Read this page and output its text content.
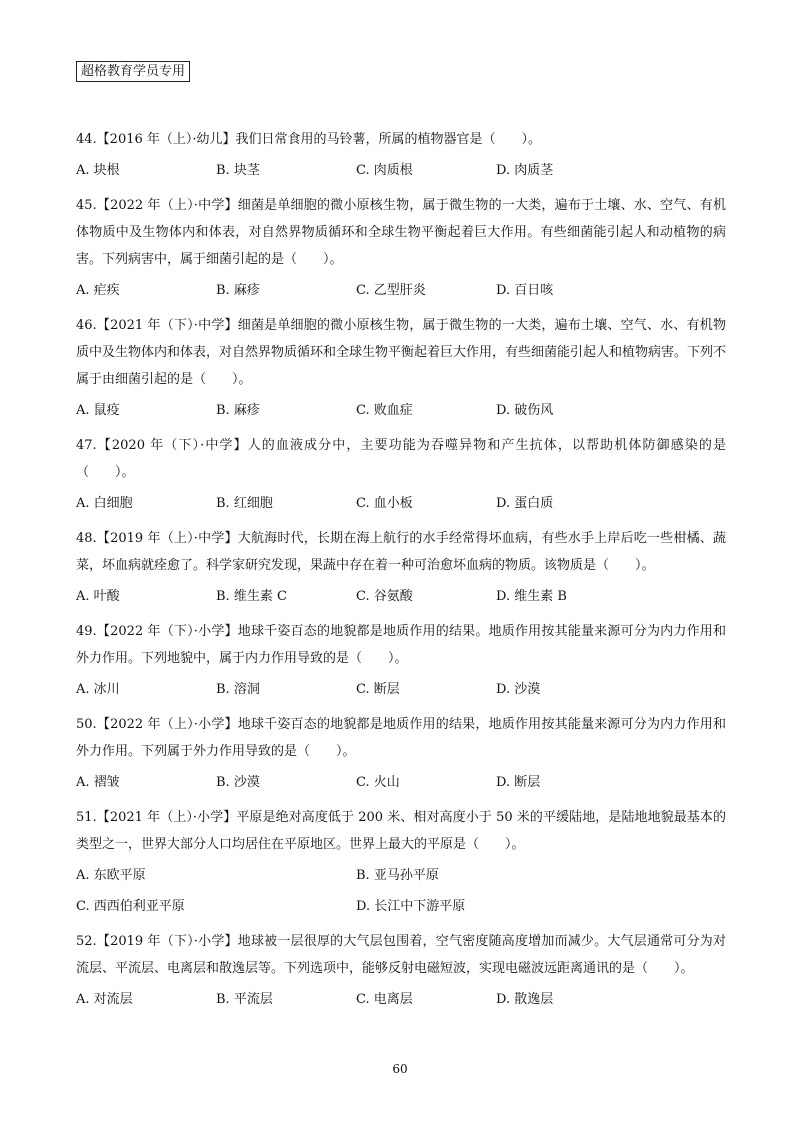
超格教育学员专用

44.【2016 年（上）·幼儿】我们日常食用的马铃薯，所属的植物器官是（　　）。

A. 块根	B. 块茎	C. 肉质根	D. 肉质茎

45.【2022 年（上）·中学】细菌是单细胞的微小原核生物，属于微生物的一大类，遍布于土壤、水、空气、有机体物质中及生物体内和体表，对自然界物质循环和全球生物平衡起着巨大作用。有些细菌能引起人和动植物的病害。下列病害中，属于细菌引起的是（　　）。

A. 疟疾	B. 麻疹	C. 乙型肝炎	D. 百日咳

46.【2021 年（下）·中学】细菌是单细胞的微小原核生物，属于微生物的一大类，遍布土壤、空气、水、有机物质中及生物体内和体表，对自然界物质循环和全球生物平衡起着巨大作用，有些细菌能引起人和植物病害。下列不属于由细菌引起的是（　　）。

A. 鼠疫	B. 麻疹	C. 败血症	D. 破伤风

47.【2020 年（下）·中学】人的血液成分中，主要功能为吞噬异物和产生抗体，以帮助机体防御感染的是（　　）。

A. 白细胞	B. 红细胞	C. 血小板	D. 蛋白质

48.【2019 年（上）·中学】大航海时代，长期在海上航行的水手经常得坏血病，有些水手上岸后吃一些柑橘、蔬菜，坏血病就痊愈了。科学家研究发现，果蔬中存在着一种可治愈坏血病的物质。该物质是（　　）。

A. 叶酸	B. 维生素 C	C. 谷氨酸	D. 维生素 B

49.【2022 年（下）·小学】地球千姿百态的地貌都是地质作用的结果。地质作用按其能量来源可分为内力作用和外力作用。下列地貌中，属于内力作用导致的是（　　）。

A. 冰川	B. 溶洞	C. 断层	D. 沙漠

50.【2022 年（上）·小学】地球千姿百态的地貌都是地质作用的结果，地质作用按其能量来源可分为内力作用和外力作用。下列属于外力作用导致的是（　　）。

A. 褶皱	B. 沙漠	C. 火山	D. 断层

51.【2021 年（上）·小学】平原是绝对高度低于 200 米、相对高度小于 50 米的平缓陆地，是陆地地貌最基本的类型之一，世界大部分人口均居住在平原地区。世界上最大的平原是（　　）。

A. 东欧平原	B. 亚马孙平原
C. 西西伯利亚平原	D. 长江中下游平原

52.【2019 年（下）·小学】地球被一层很厚的大气层包围着，空气密度随高度增加而减少。大气层通常可分为对流层、平流层、电离层和散逸层等。下列选项中，能够反射电磁短波，实现电磁波远距离通讯的是（　　）。

A. 对流层	B. 平流层	C. 电离层	D. 散逸层
60
